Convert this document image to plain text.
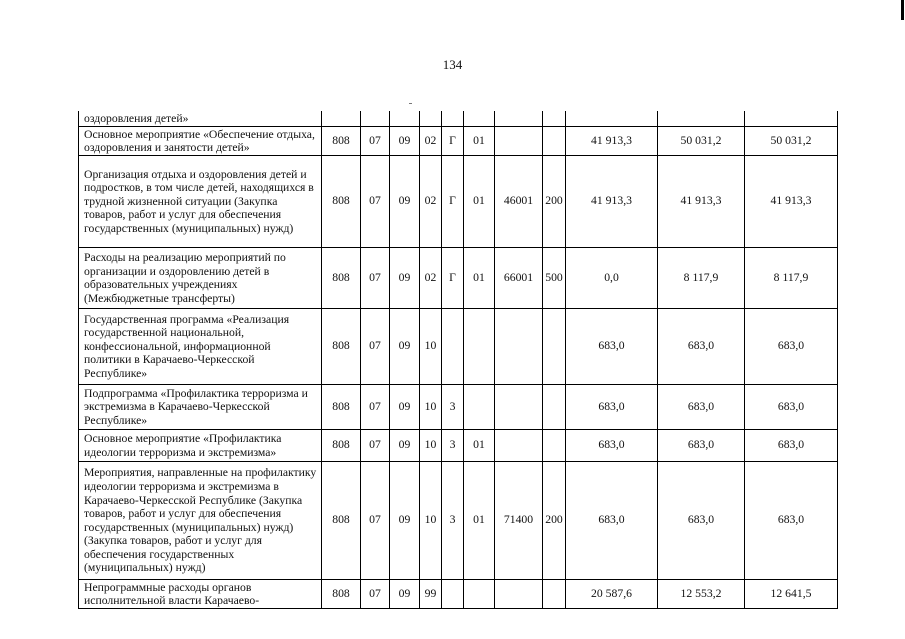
134
оздоровления детей»											
Основное мероприятие «Обеспечение отдыха, оздоровления и занятости детей»	808	07	09	02	Г	01			41 913,3	50 031,2	50 031,2
Организация отдыха и оздоровления детей и подростков, в том числе детей, находящихся в трудной жизненной ситуации (Закупка товаров, работ и услуг для обеспечения государственных (муниципальных) нужд)	808	07	09	02	Г	01	46001	200	41 913,3	41 913,3	41 913,3
Расходы на реализацию мероприятий по организации и оздоровлению детей в образовательных учреждениях (Межбюджетные трансферты)	808	07	09	02	Г	01	66001	500	0,0	8 117,9	8 117,9
Государственная программа «Реализация государственной национальной, конфессиональной, информационной политики в Карачаево-Черкесской Республике»	808	07	09	10					683,0	683,0	683,0
Подпрограмма «Профилактика терроризма и экстремизма в Карачаево-Черкесской Республике»	808	07	09	10	3				683,0	683,0	683,0
Основное мероприятие «Профилактика идеологии терроризма и экстремизма»	808	07	09	10	3	01			683,0	683,0	683,0
Мероприятия, направленные на профилактику идеологии терроризма и экстремизма в Карачаево-Черкесской Республике (Закупка товаров, работ и услуг для обеспечения государственных (муниципальных) нужд) (Закупка товаров, работ и услуг для обеспечения государственных (муниципальных) нужд)	808	07	09	10	3	01	71400	200	683,0	683,0	683,0
Непрограммные расходы органов исполнительной власти Карачаево-	808	07	09	99					20 587,6	12 553,2	12 641,5
